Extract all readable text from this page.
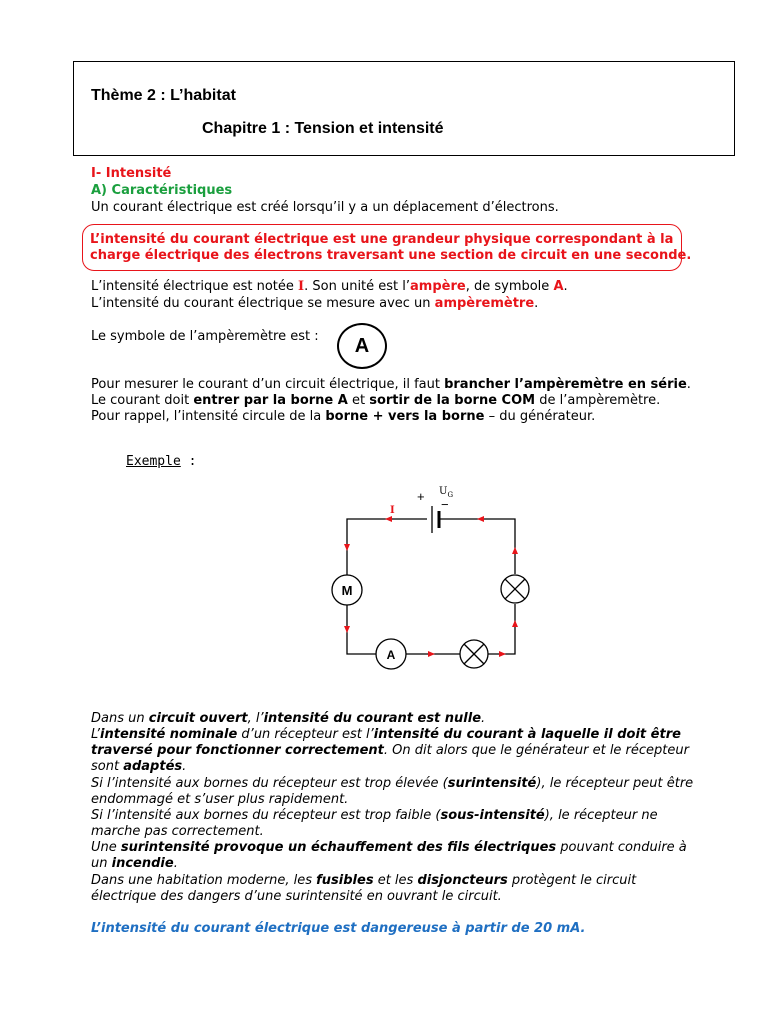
Thème 2 : L’habitat
Chapitre 1 : Tension et intensité
I- Intensité
A) Caractéristiques
Un courant électrique est créé lorsqu’il y a un déplacement d’électrons.
L’intensité du courant électrique est une grandeur physique correspondant à la
charge électrique des électrons traversant une section de circuit en une seconde.
L’intensité électrique est notée I. Son unité est l’ampère, de symbole A.
L’intensité du courant électrique se mesure avec un ampèremètre.
Le symbole de l’ampèremètre est :	A
Pour mesurer le courant d’un circuit électrique, il faut brancher l’ampèremètre en série.
Le courant doit entrer par la borne A et sortir de la borne COM de l’ampèremètre.
Pour rappel, l’intensité circule de la borne + vers la borne – du générateur.
Exemple :
+
−
$U_G$
I
M
A
Dans un circuit ouvert, l’intensité du courant est nulle.
L’intensité nominale d’un récepteur est l’intensité du courant à laquelle il doit être
traversé pour fonctionner correctement. On dit alors que le générateur et le récepteur
sont adaptés.
Si l’intensité aux bornes du récepteur est trop élevée (surintensité), le récepteur peut être
endommagé et s’user plus rapidement.
Si l’intensité aux bornes du récepteur est trop faible (sous-intensité), le récepteur ne
marche pas correctement.
Une surintensité provoque un échauffement des fils électriques pouvant conduire à
un incendie.
Dans une habitation moderne, les fusibles et les disjoncteurs protègent le circuit
électrique des dangers d’une surintensité en ouvrant le circuit.
L’intensité du courant électrique est dangereuse à partir de 20 mA.
